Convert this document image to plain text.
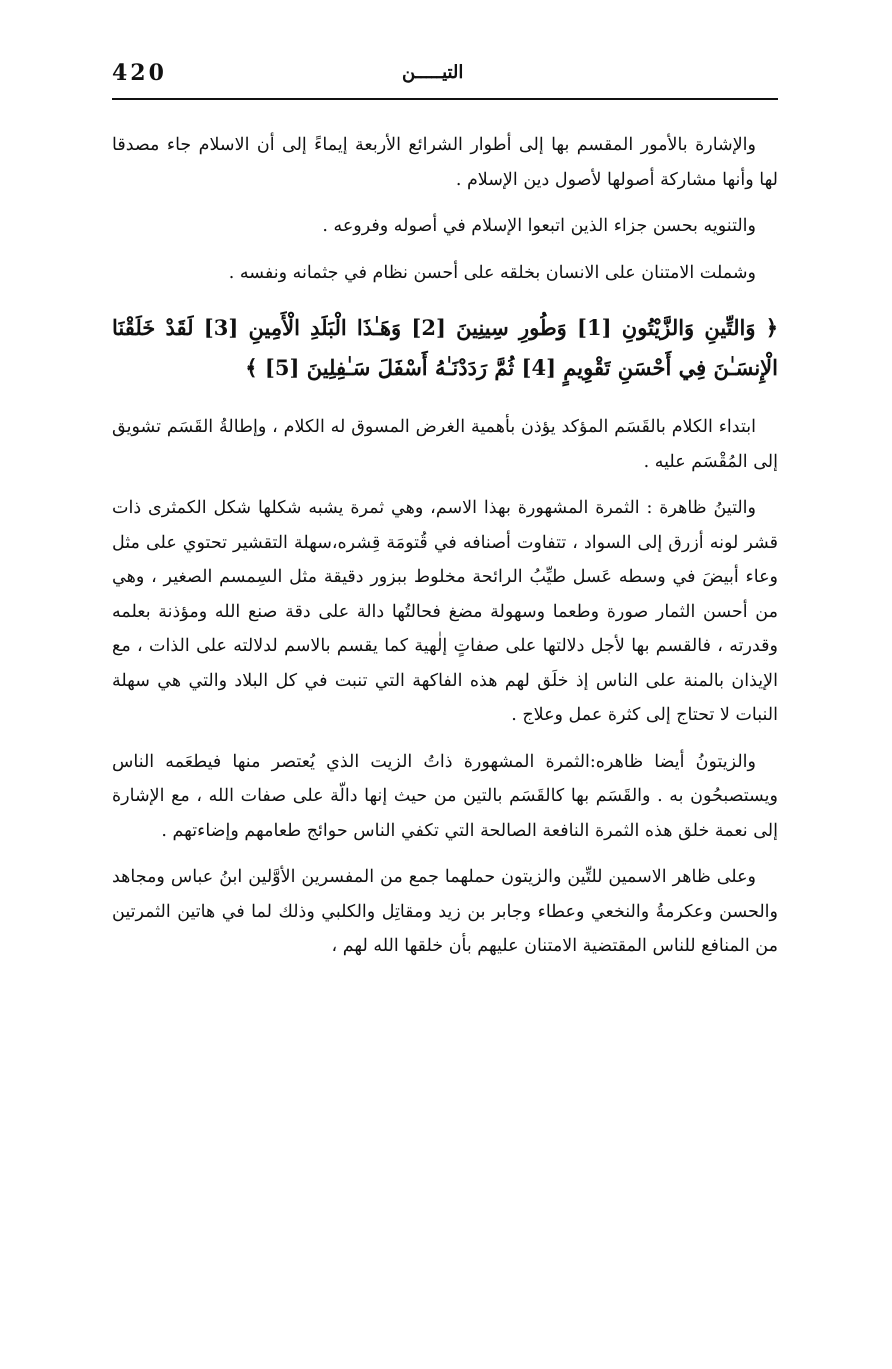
420	التيـــــن

والإشارة بالأمور المقسم بها إلى أطوار الشرائع الأربعة إيماءً إلى أن الاسلام جاء مصدقا لها وأنها مشاركة أصولها لأصول دين الإسلام .

والتنويه بحسن جزاء الذين اتبعوا الإسلام في أصوله وفروعه .

وشملت الامتنان على الانسان بخلقه على أحسن نظام في جثمانه ونفسه .

﴿ وَالتِّينِ وَالزَّيْتُونِ [1] وَطُورِ سِينِينَ [2] وَهَـٰذَا الْبَلَدِ الْأَمِينِ [3] لَقَدْ خَلَقْنَا الْإِنسَـٰنَ فِي أَحْسَنِ تَقْوِيمٍ [4] ثُمَّ رَدَدْنَـٰهُ أَسْفَلَ سَـٰفِلِينَ [5] ﴾

ابتداء الكلام بالقَسَم المؤكد يؤذن بأهمية الغرض المسوق له الكلام ، وإطالةُ القَسَم تشويق إلى المُقْسَم عليه .

والتينُ ظاهرة : الثمرة المشهورة بهذا الاسم، وهي ثمرة يشبه شكلها شكل الكمثرى ذات قشر لونه أزرق إلى السواد ، تتفاوت أصنافه في قُتومَة قِشره،سهلة التقشير تحتوي على مثل وعاء أبيضَ في وسطه عَسل طيِّبُ الرائحة مخلوط ببزور دقيقة مثل السِمسم الصغير ، وهي من أحسن الثمار صورة وطعما وسهولة مضغ فحالتُها دالة على دقة صنع الله ومؤذنة بعلمه وقدرته ، فالقسم بها لأجل دلالتها على صفاتٍ إلٰهية كما يقسم بالاسم لدلالته على الذات ، مع الإيذان بالمنة على الناس إذ خلَق لهم هذه الفاكهة التي تنبت في كل البلاد والتي هي سهلة النبات لا تحتاج إلى كثرة عمل وعلاج .

والزيتونُ أيضا ظاهره:الثمرة المشهورة ذاتُ الزيت الذي يُعتصر منها فيطعَمه الناس ويستصبحُون به . والقَسَم بها كالقَسَم بالتين من حيث إنها دالّة على صفات الله ، مع الإشارة إلى نعمة خلق هذه الثمرة النافعة الصالحة التي تكفي الناس حوائج طعامهم وإضاءتهم .

وعلى ظاهر الاسمين للتِّين والزيتون حملهما جمع من المفسرين الأوَّلين ابنُ عباس ومجاهد والحسن وعكرمةُ والنخعي وعطاء وجابر بن زيد ومقاتِل والكلبي وذلك لما في هاتين الثمرتين من المنافع للناس المقتضية الامتنان عليهم بأن خلقها الله لهم ،
